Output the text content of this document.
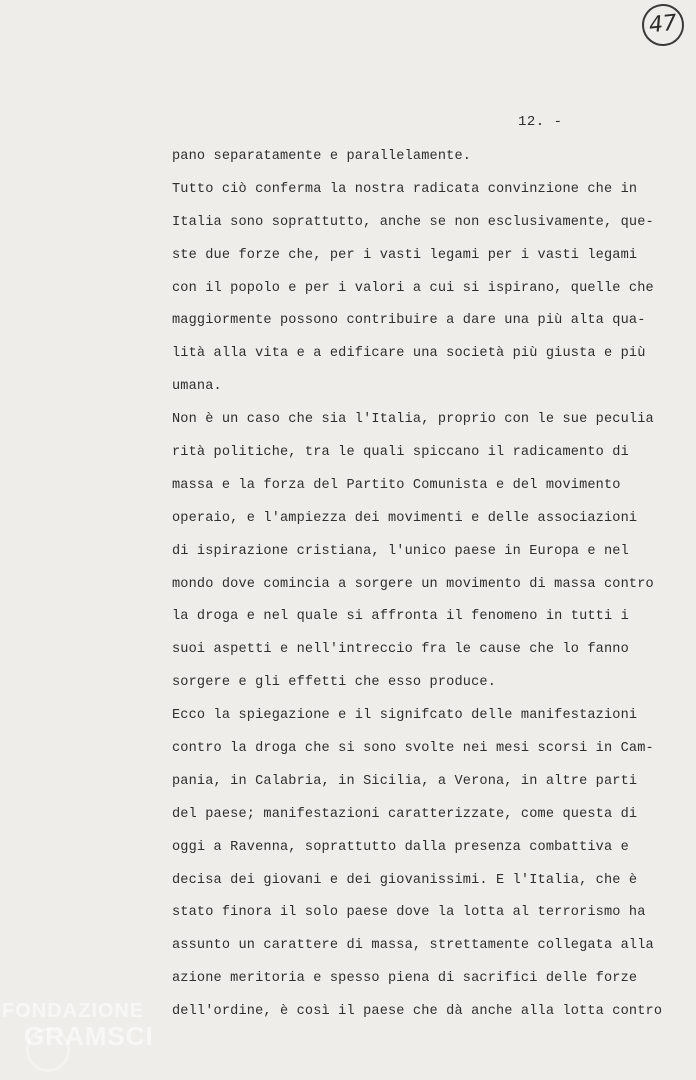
47
12. -
pano separatamente e parallelamente.
Tutto ciò conferma la nostra radicata convinzione che in
Italia sono soprattutto, anche se non esclusivamente, que-
ste due forze che, per i vasti legami per i vasti legami
con il popolo e per i valori a cui si ispirano, quelle che
maggiormente possono contribuire a dare una più alta qua-
lità alla vita e a edificare una società più giusta e più
umana.
Non è un caso che sia l'Italia, proprio con le sue peculia
rità politiche, tra le quali spiccano il radicamento di
massa e la forza del Partito Comunista e del movimento
operaio, e l'ampiezza dei movimenti e delle associazioni
di ispirazione cristiana, l'unico paese in Europa e nel
mondo dove comincia a sorgere un movimento di massa contro
la droga e nel quale si affronta il fenomeno in tutti i
suoi aspetti e nell'intreccio fra le cause che lo fanno
sorgere e gli effetti che esso produce.
Ecco la spiegazione e il signifcato delle manifestazioni
contro la droga che si sono svolte nei mesi scorsi in Cam-
pania, in Calabria, in Sicilia, a Verona, in altre parti
del paese; manifestazioni caratterizzate, come questa di
oggi a Ravenna, soprattutto dalla presenza combattiva e
decisa dei giovani e dei giovanissimi. E l'Italia, che è
stato finora il solo paese dove la lotta al terrorismo ha
assunto un carattere di massa, strettamente collegata alla
azione meritoria e spesso piena di sacrifici delle forze
dell'ordine, è così il paese che dà anche alla lotta contro
FONDAZIONE
GRAMSCI
